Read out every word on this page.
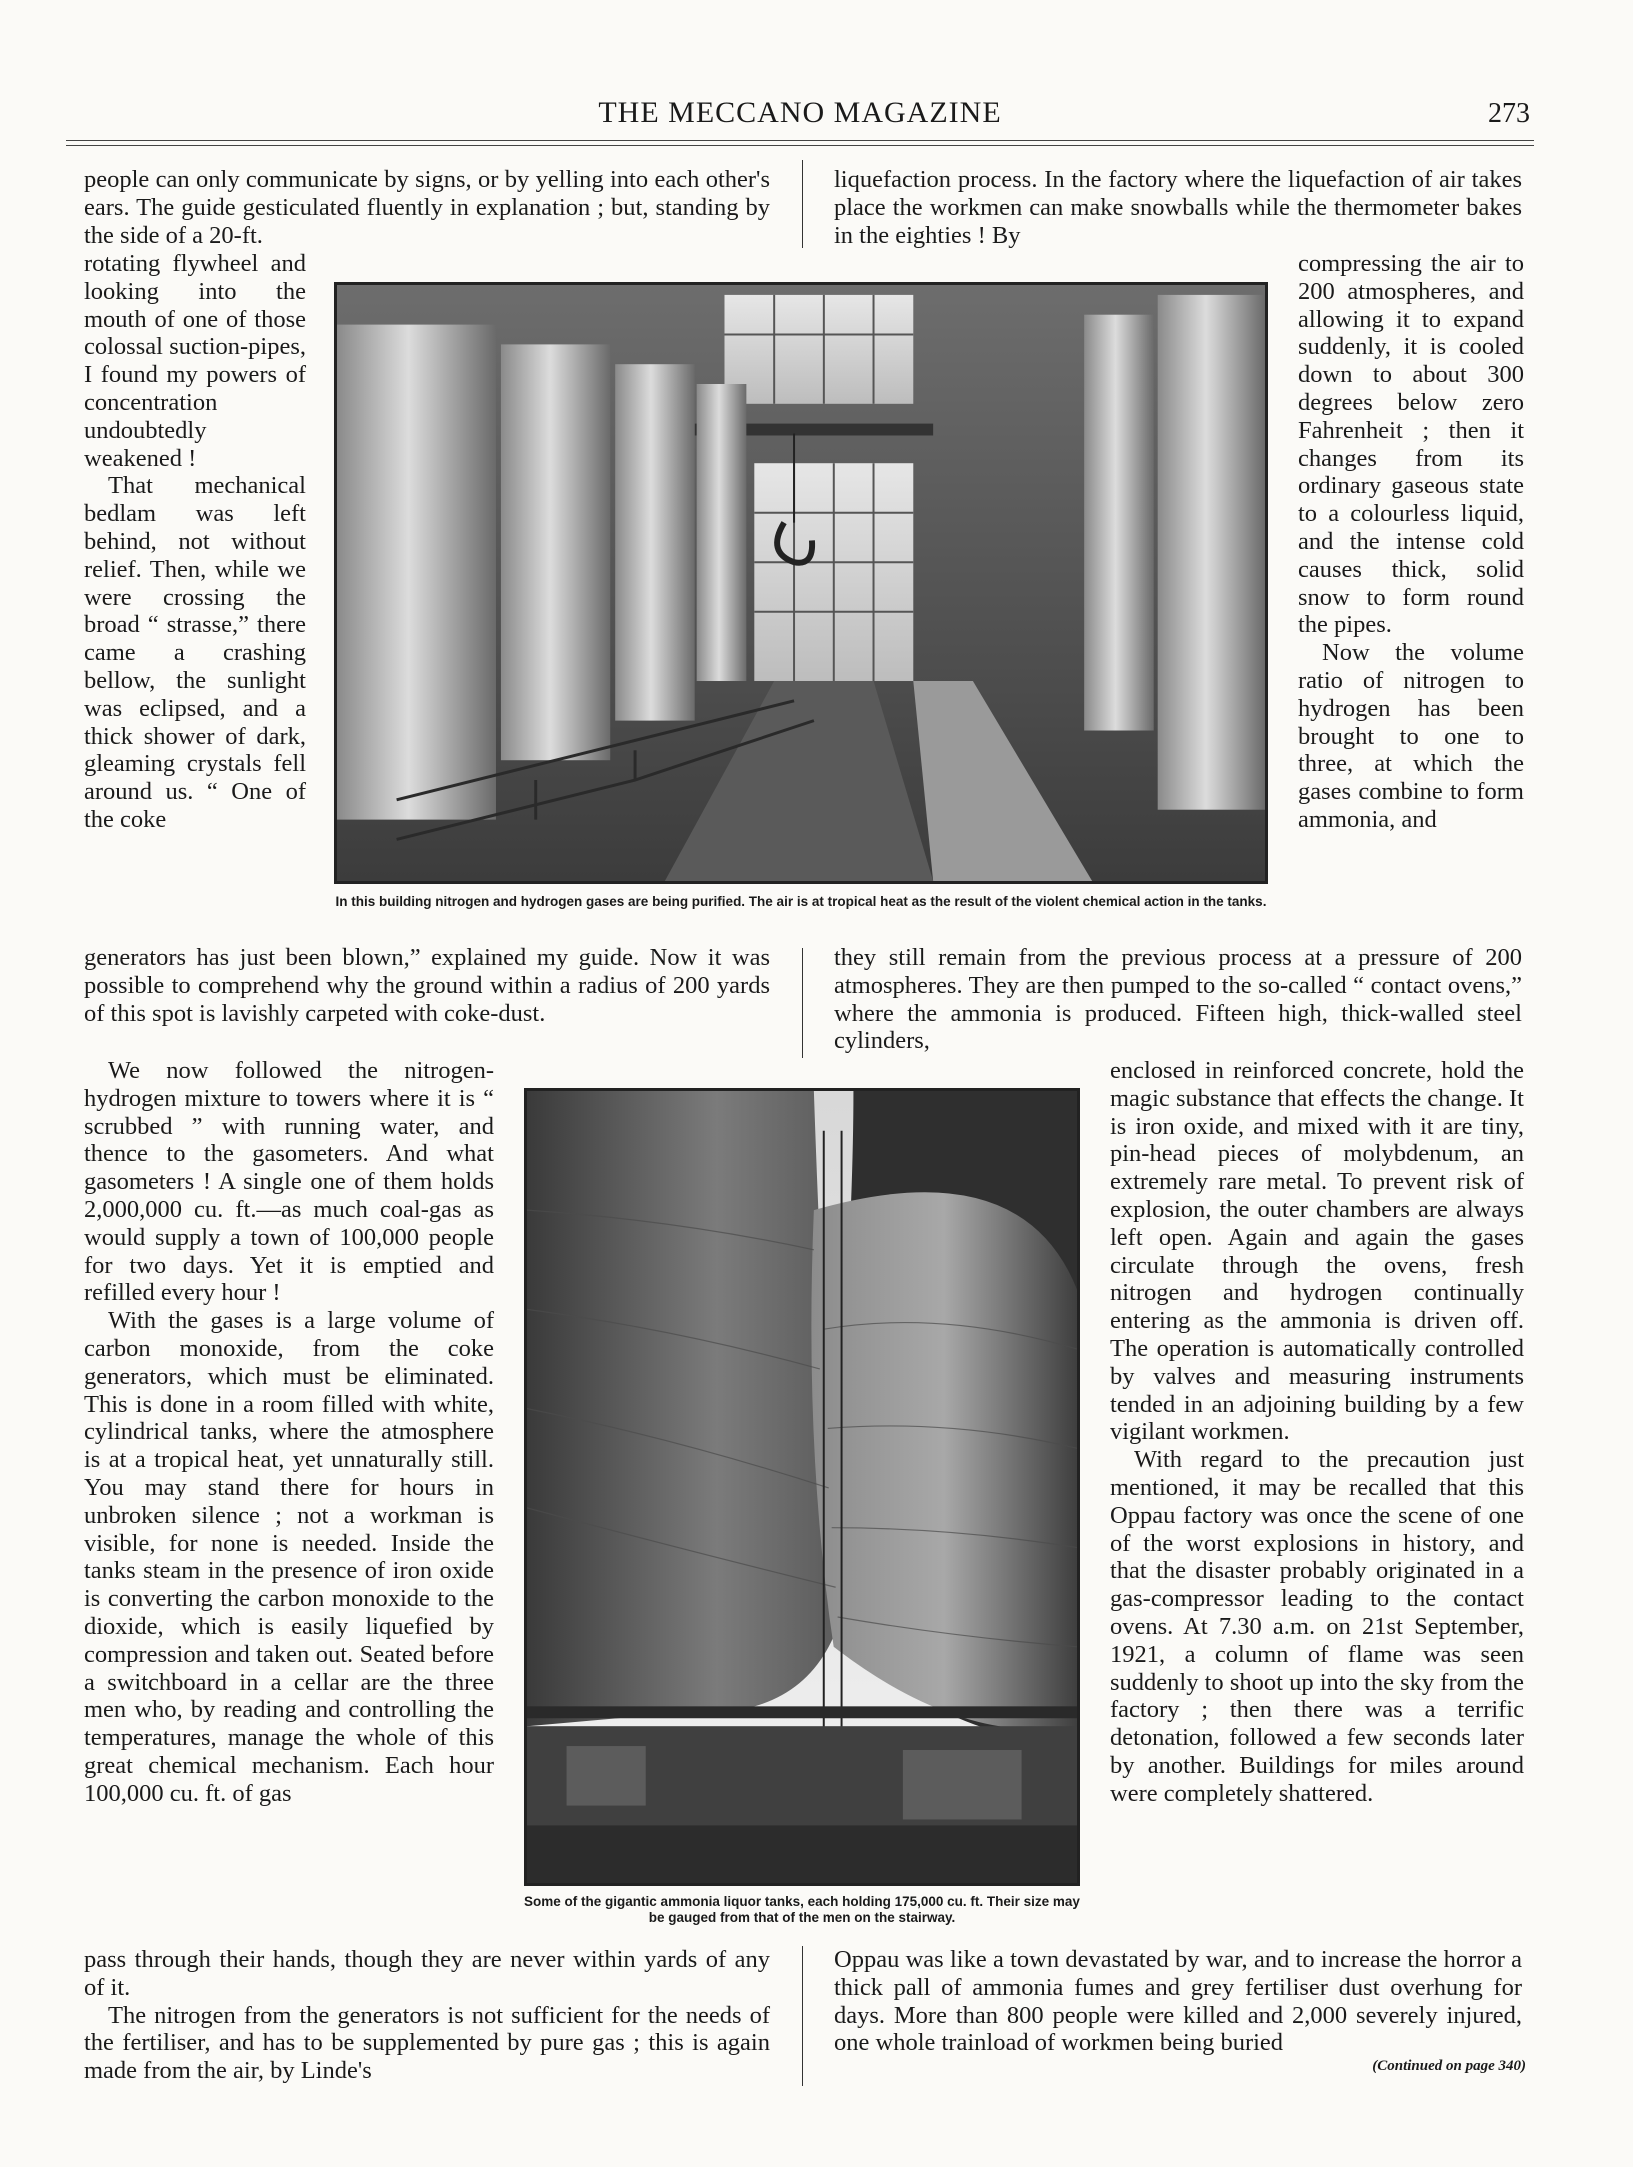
THE MECCANO MAGAZINE	273

people can only communicate by signs, or by yelling into each other's ears. The guide gesticulated fluently in explanation ; but, standing by the side of a 20-ft.

rotating flywheel and looking into the mouth of one of those colossal suction-pipes, I found my powers of concentration undoubtedly weakened !

That mechanical bedlam was left behind, not without relief. Then, while we were crossing the broad “ strasse,” there came a crashing bellow, the sunlight was eclipsed, and a thick shower of dark, gleaming crystals fell around us. “ One of the coke

liquefaction process. In the factory where the liquefaction of air takes place the workmen can make snowballs while the thermometer bakes in the eighties ! By

compressing the air to 200 atmospheres, and allowing it to expand suddenly, it is cooled down to about 300 degrees below zero Fahrenheit ; then it changes from its ordinary gaseous state to a colourless liquid, and the intense cold causes thick, solid snow to form round the pipes.

Now the volume ratio of nitrogen to hydrogen has been brought to one to three, at which the gases combine to form ammonia, and

In this building nitrogen and hydrogen gases are being purified. The air is at tropical heat as the result of the violent chemical action in the tanks.

generators has just been blown,” explained my guide. Now it was possible to comprehend why the ground within a radius of 200 yards of this spot is lavishly carpeted with coke-dust.

they still remain from the previous process at a pressure of 200 atmospheres. They are then pumped to the so-called “ contact ovens,” where the ammonia is produced. Fifteen high, thick-walled steel cylinders,

We now followed the nitrogen-hydrogen mixture to towers where it is “ scrubbed ” with running water, and thence to the gasometers. And what gasometers ! A single one of them holds 2,000,000 cu. ft.—as much coal-gas as would supply a town of 100,000 people for two days. Yet it is emptied and refilled every hour !

With the gases is a large volume of carbon monoxide, from the coke generators, which must be eliminated. This is done in a room filled with white, cylindrical tanks, where the atmosphere is at a tropical heat, yet unnaturally still. You may stand there for hours in unbroken silence ; not a workman is visible, for none is needed. Inside the tanks steam in the presence of iron oxide is converting the carbon monoxide to the dioxide, which is easily liquefied by compression and taken out. Seated before a switchboard in a cellar are the three men who, by reading and controlling the temperatures, manage the whole of this great chemical mechanism. Each hour 100,000 cu. ft. of gas

enclosed in reinforced concrete, hold the magic substance that effects the change. It is iron oxide, and mixed with it are tiny, pin-head pieces of molybdenum, an extremely rare metal. To prevent risk of explosion, the outer chambers are always left open. Again and again the gases circulate through the ovens, fresh nitrogen and hydrogen continually entering as the ammonia is driven off. The operation is automatically controlled by valves and measuring instruments tended in an adjoining building by a few vigilant workmen.

With regard to the precaution just mentioned, it may be recalled that this Oppau factory was once the scene of one of the worst explosions in history, and that the disaster probably originated in a gas-compressor leading to the contact ovens. At 7.30 a.m. on 21st September, 1921, a column of flame was seen suddenly to shoot up into the sky from the factory ; then there was a terrific detonation, followed a few seconds later by another. Buildings for miles around were completely shattered.

Some of the gigantic ammonia liquor tanks, each holding 175,000 cu. ft. Their size may be gauged from that of the men on the stairway.

pass through their hands, though they are never within yards of any of it.

The nitrogen from the generators is not sufficient for the needs of the fertiliser, and has to be supplemented by pure gas ; this is again made from the air, by Linde's

Oppau was like a town devastated by war, and to increase the horror a thick pall of ammonia fumes and grey fertiliser dust overhung for days. More than 800 people were killed and 2,000 severely injured, one whole trainload of workmen being buried

(Continued on page 340)
